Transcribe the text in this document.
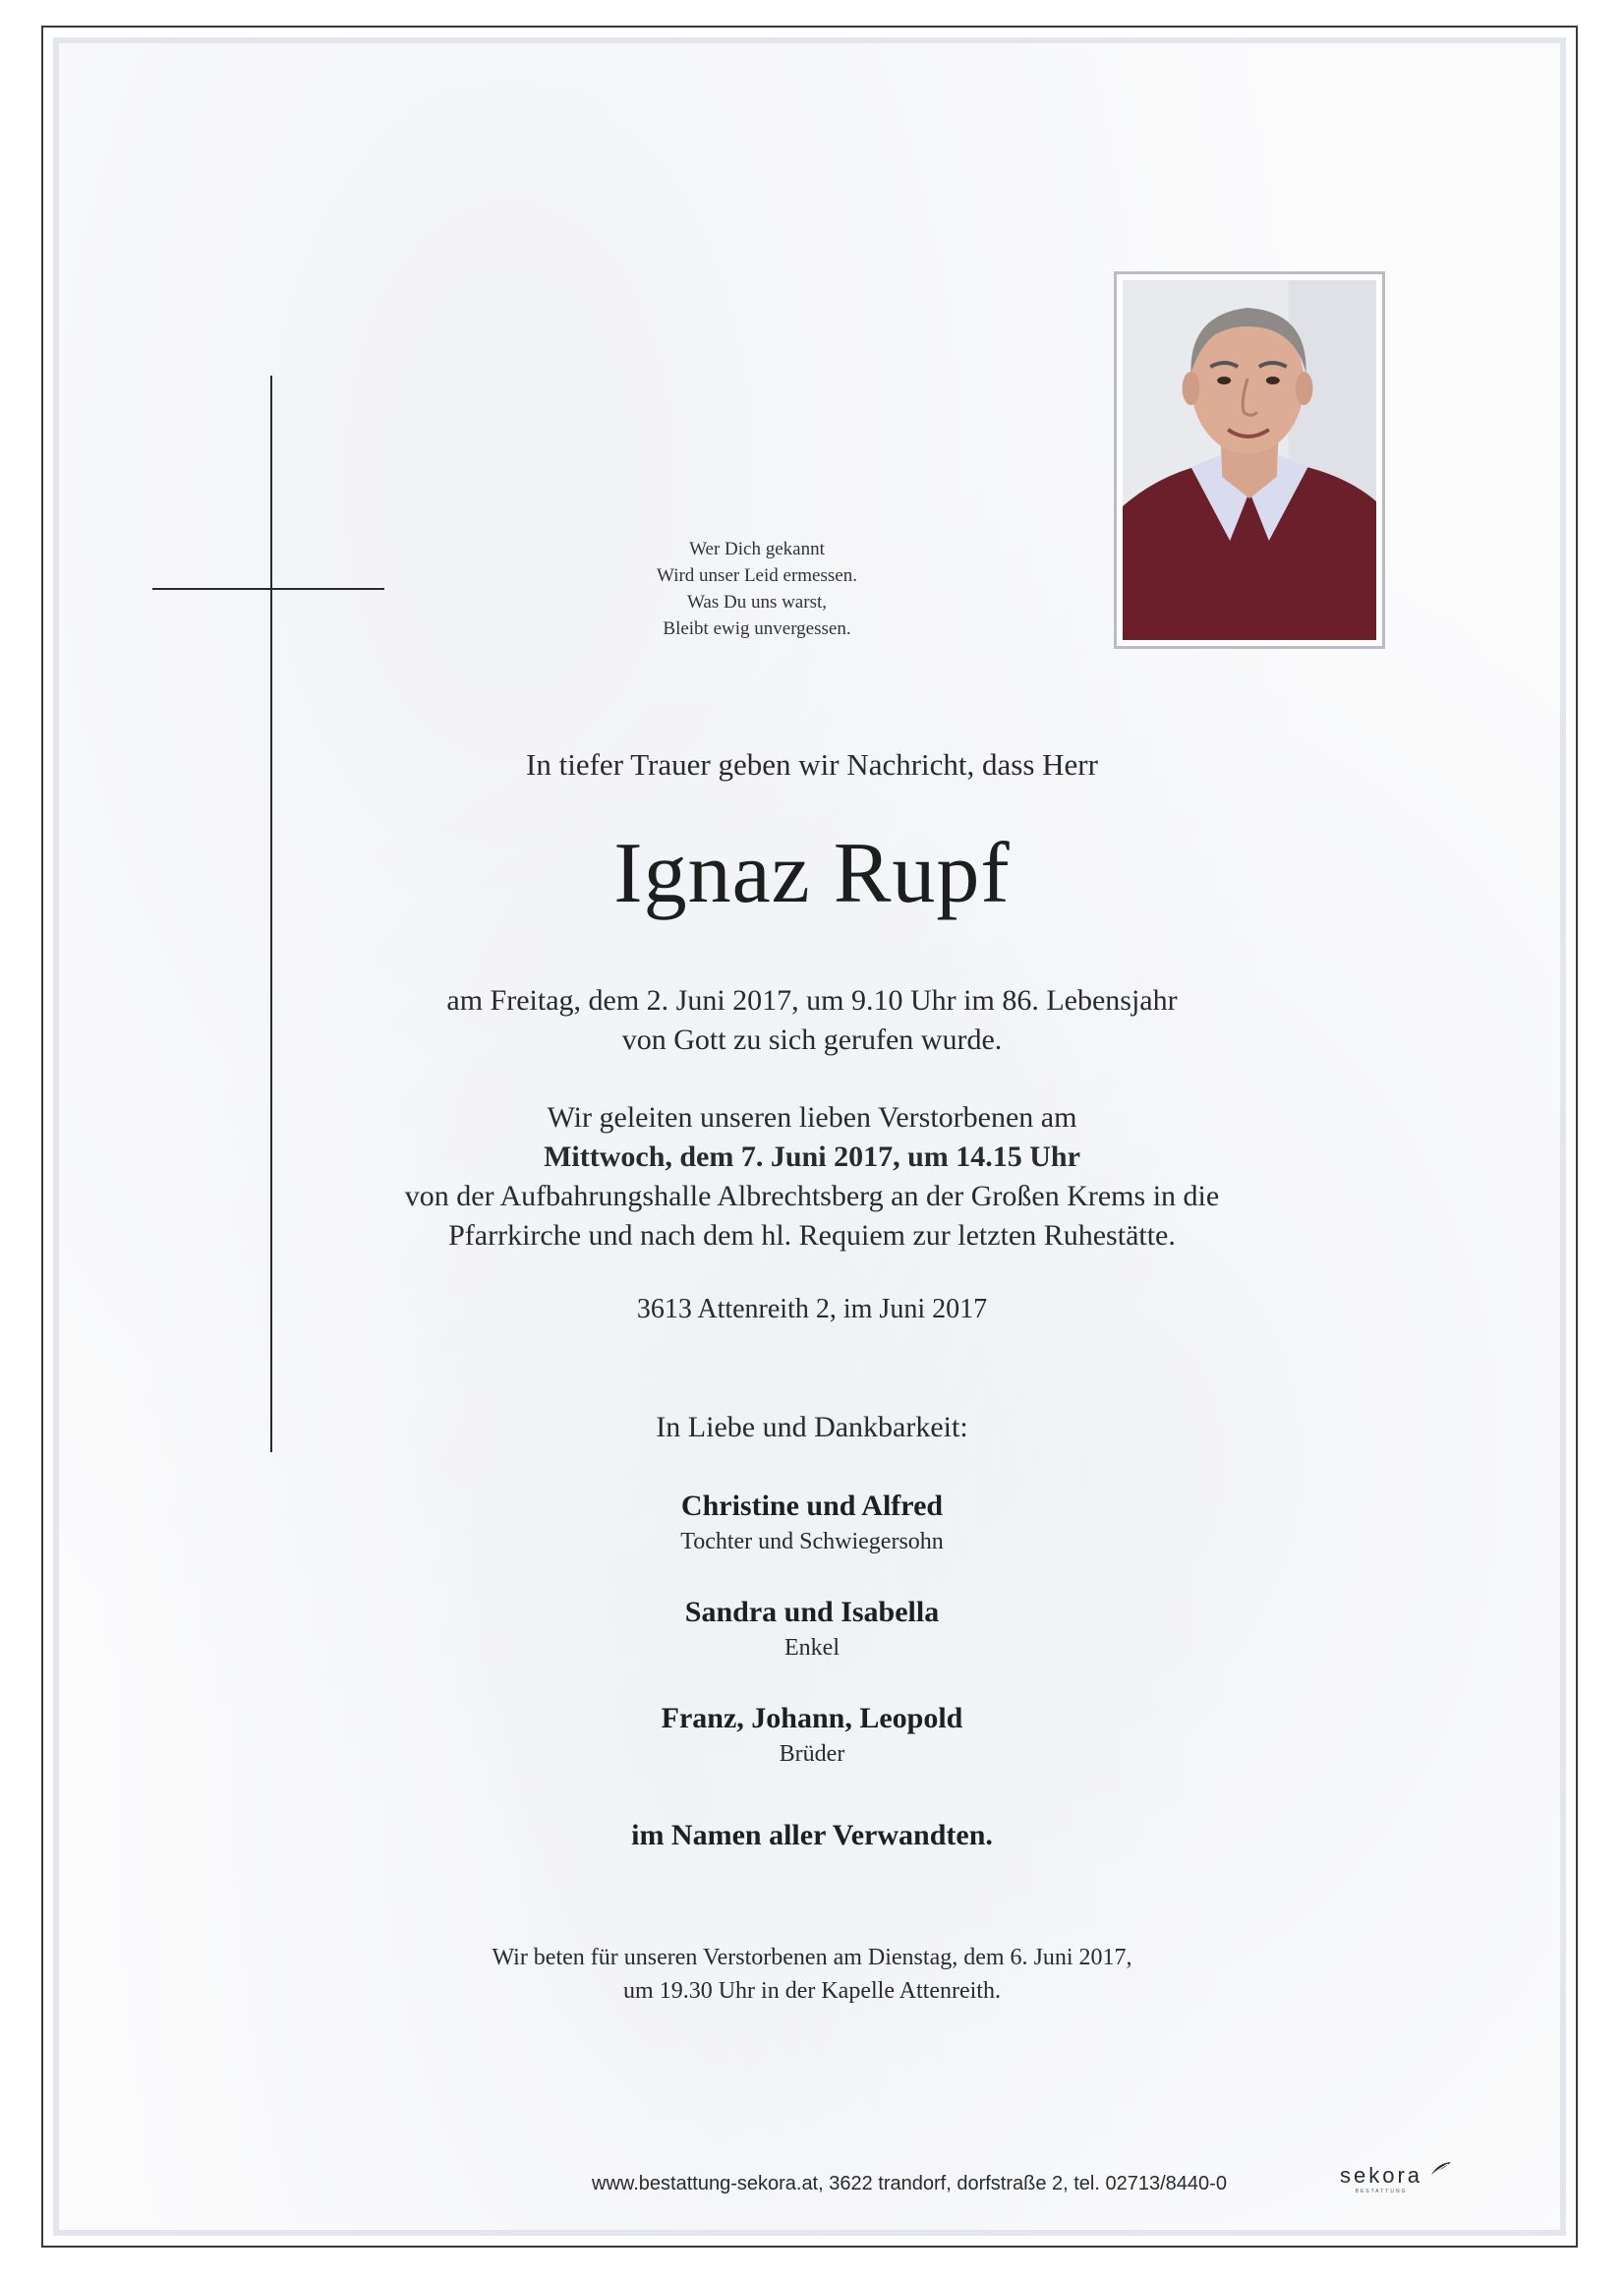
Wer Dich gekannt
Wird unser Leid ermessen.
Was Du uns warst,
Bleibt ewig unvergessen.
In tiefer Trauer geben wir Nachricht, dass Herr
Ignaz Rupf
am Freitag, dem 2. Juni 2017, um 9.10 Uhr im 86. Lebensjahr
von Gott zu sich gerufen wurde.
Wir geleiten unseren lieben Verstorbenen am
Mittwoch, dem 7. Juni 2017, um 14.15 Uhr
von der Aufbahrungshalle Albrechtsberg an der Großen Krems in die
Pfarrkirche und nach dem hl. Requiem zur letzten Ruhestätte.
3613 Attenreith 2, im Juni 2017
In Liebe und Dankbarkeit:
Christine und Alfred
Tochter und Schwiegersohn
Sandra und Isabella
Enkel
Franz, Johann, Leopold
Brüder
im Namen aller Verwandten.
Wir beten für unseren Verstorbenen am Dienstag, dem 6. Juni 2017,
um 19.30 Uhr in der Kapelle Attenreith.
www.bestattung-sekora.at, 3622 trandorf, dorfstraße 2, tel. 02713/8440-0	sekora
BESTATTUNG
